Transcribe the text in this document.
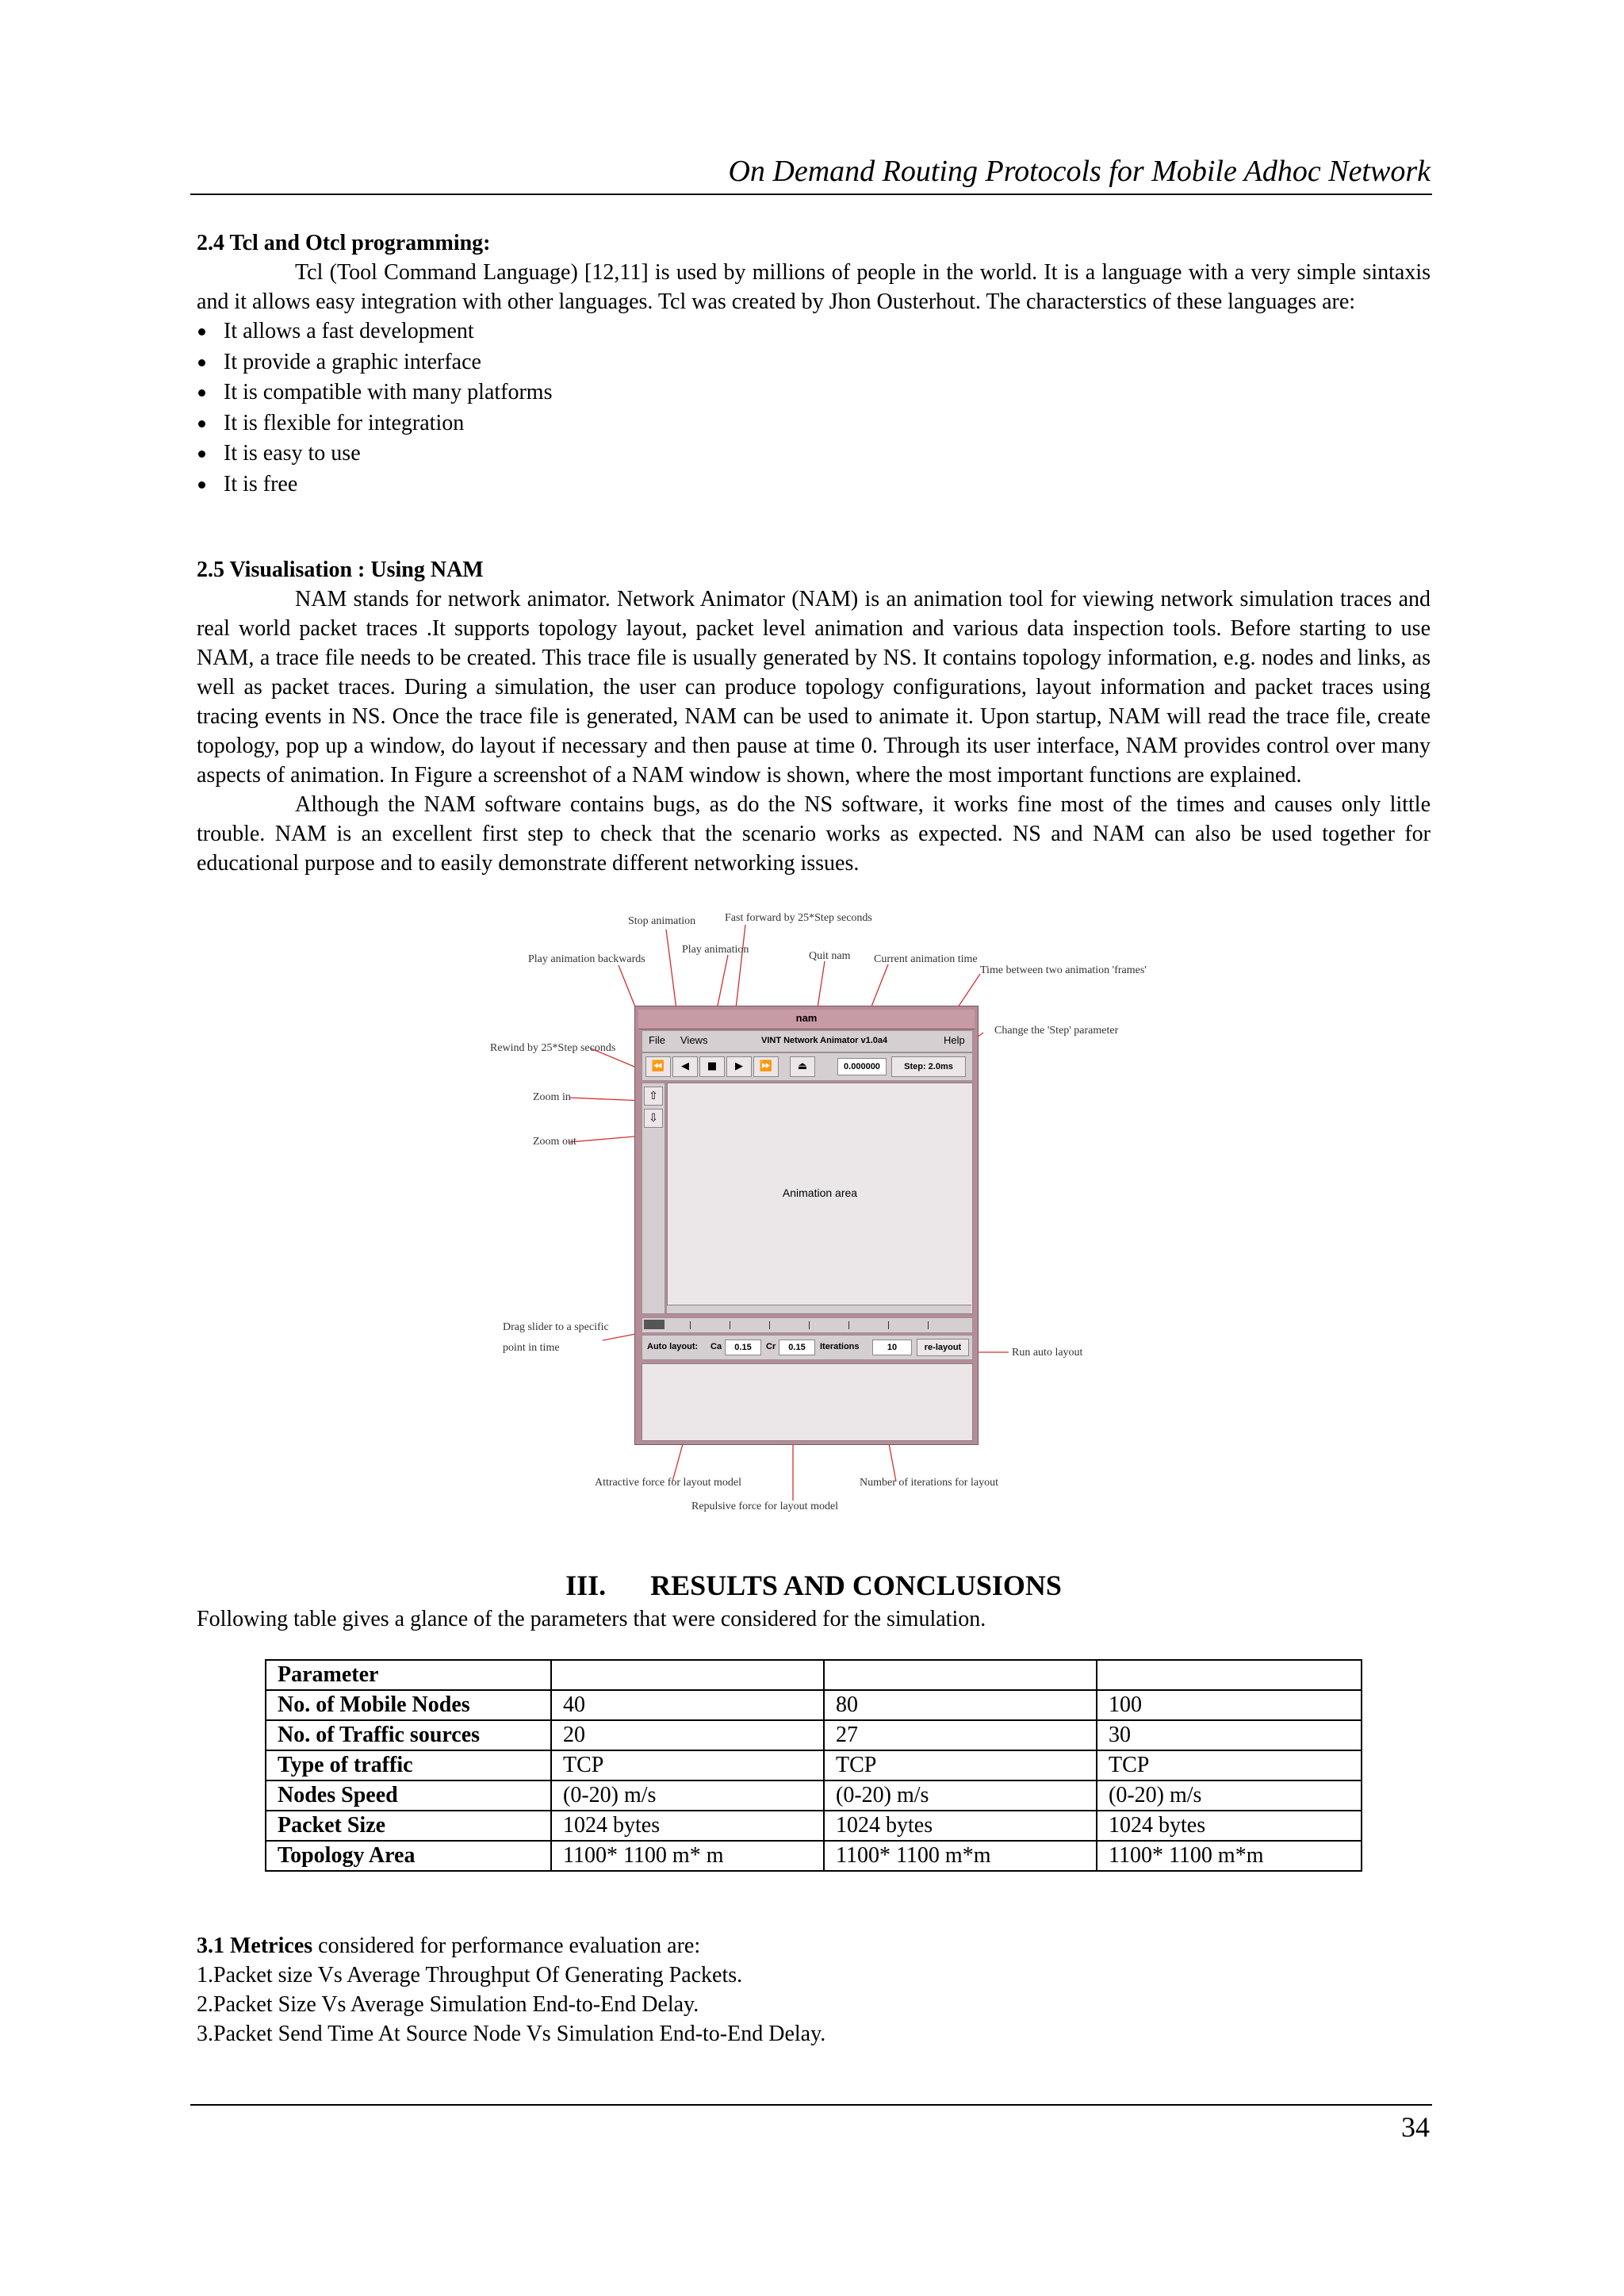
On Demand Routing Protocols for Mobile Adhoc Network
2.4 Tcl and Otcl programming:

Tcl (Tool Command Language) [12,11] is used by millions of people in the world. It is a language with a very simple sintaxis and it allows easy integration with other languages. Tcl was created by Jhon Ousterhout. The characterstics of these languages are:

It allows a fast development
It provide a graphic interface
It is compatible with many platforms
It is flexible for integration
It is easy to use
It is free
2.5 Visualisation : Using NAM

NAM stands for network animator. Network Animator (NAM) is an animation tool for viewing network simulation traces and real world packet traces .It supports topology layout, packet level animation and various data inspection tools. Before starting to use NAM, a trace file needs to be created. This trace file is usually generated by NS. It contains topology information, e.g. nodes and links, as well as packet traces. During a simulation, the user can produce topology configurations, layout information and packet traces using tracing events in NS. Once the trace file is generated, NAM can be used to animate it. Upon startup, NAM will read the trace file, create topology, pop up a window, do layout if necessary and then pause at time 0. Through its user interface, NAM provides control over many aspects of animation. In Figure a screenshot of a NAM window is shown, where the most important functions are explained.

Although the NAM software contains bugs, as do the NS software, it works fine most of the times and causes only little trouble. NAM is an excellent first step to check that the scenario works as expected. NS and NAM can also be used together for educational purpose and to easily demonstrate different networking issues.

Stop animation	Fast forward by 25*Step seconds
Play animation backwards
Play animation
Quit nam Current animation time
Time between two animation 'frames'
Change the 'Step' parameter
Rewind by 25*Step seconds
Zoom in
Zoom out
Drag slider to a specific
point in time	Run auto layout
Attractive force for layout model
Repulsive force for layout model
Number of iterations for layout
nam
File Views	VINT Network Animator v1.0a4	Help
⏪	◀	■	▶	⏩	⏏	0.000000	Step: 2.0ms
⇧
⇩
Animation area
Auto layout: Ca	0.15	Cr	0.15	Iterations	10	re-layout
III. RESULTS AND CONCLUSIONS

Following table gives a glance of the parameters that were considered for the simulation.

Parameter			
No. of Mobile Nodes	40	80	100
No. of Traffic sources	20	27	30
Type of traffic	TCP	TCP	TCP
Nodes Speed	(0-20) m/s	(0-20) m/s	(0-20) m/s
Packet Size	1024 bytes	1024 bytes	1024 bytes
Topology Area	1100* 1100 m* m	1100* 1100 m*m	1100* 1100 m*m

3.1 Metrices considered for performance evaluation are:

1.Packet size Vs Average Throughput Of Generating Packets.

2.Packet Size Vs Average Simulation End-to-End Delay.

3.Packet Send Time At Source Node Vs Simulation End-to-End Delay.

34
